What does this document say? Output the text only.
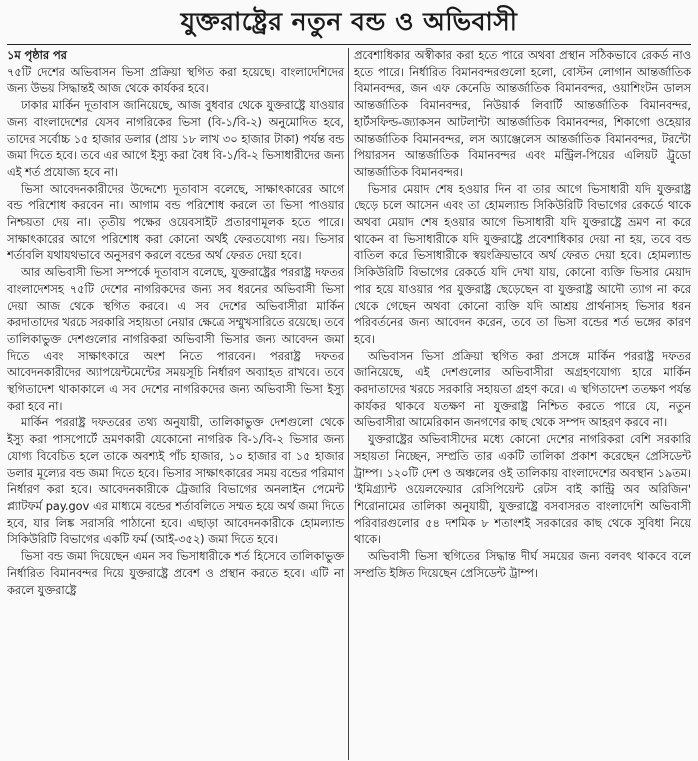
যুক্তরাষ্ট্রের নতুন বন্ড ও অভিবাসী
১ম পৃষ্ঠার পর

৭৫টি দেশের অভিবাসন ভিসা প্রক্রিয়া স্থগিত করা হয়েছে। বাংলাদেশিদের জন্য উভয় সিদ্ধান্তই আজ থেকে কার্যকর হবে।

ঢাকার মার্কিন দূতাবাস জানিয়েছে, আজ বুধবার থেকে যুক্তরাষ্ট্রে যাওয়ার জন্য বাংলাদেশের যেসব নাগরিকের ভিসা (বি-১/বি-২) অনুমোদিত হবে, তাদের সর্বোচ্চ ১৫ হাজার ডলার (প্রায় ১৮ লাখ ৩০ হাজার টাকা) পর্যন্ত বন্ড জমা দিতে হবে। তবে এর আগে ইস্যু করা বৈধ বি-১/বি-২ ভিসাধারীদের জন্য এই শর্ত প্রযোজ্য হবে না।

ভিসা আবেদনকারীদের উদ্দেশ্যে দূতাবাস বলেছে, সাক্ষাৎকারের আগে বন্ড পরিশোধ করবেন না। আগাম বন্ড পরিশোধ করলে তা ভিসা পাওয়ার নিশ্চয়তা দেয় না। তৃতীয় পক্ষের ওয়েবসাইট প্রতারণামূলক হতে পারে। সাক্ষাৎকারের আগে পরিশোধ করা কোনো অর্থই ফেরতযোগ্য নয়। ভিসার শর্তাবলি যথাযথভাবে অনুসরণ করলে বন্ডের অর্থ ফেরত দেয়া হবে।

আর অভিবাসী ভিসা সম্পর্কে দূতাবাস বলেছে, যুক্তরাষ্ট্রের পররাষ্ট্র দফতর বাংলাদেশসহ ৭৫টি দেশের নাগরিকদের জন্য সব ধরনের অভিবাসী ভিসা দেয়া আজ থেকে স্থগিত করবে। এ সব দেশের অভিবাসীরা মার্কিন করদাতাদের খরচে সরকারি সহায়তা নেয়ার ক্ষেত্রে সম্মুখসারিতে রয়েছে। তবে তালিকাভুক্ত দেশগুলোর নাগরিকরা অভিবাসী ভিসার জন্য আবেদন জমা দিতে এবং সাক্ষাৎকারে অংশ নিতে পারবেন। পররাষ্ট্র দফতর আবেদনকারীদের অ্যাপয়েন্টমেন্টের সময়সূচি নির্ধারণ অব্যাহত রাখবে। তবে স্থগিতাদেশ থাকাকালে এ সব দেশের নাগরিকদের জন্য অভিবাসী ভিসা ইস্যু করা হবে না।

মার্কিন পররাষ্ট্র দফতরের তথ্য অনুযায়ী, তালিকাভুক্ত দেশগুলো থেকে ইস্যু করা পাসপোর্টে ভ্রমণকারী যেকোনো নাগরিক বি-১/বি-২ ভিসার জন্য যোগ্য বিবেচিত হলে তাকে অবশ্যই পাঁচ হাজার, ১০ হাজার বা ১৫ হাজার ডলার মূল্যের বন্ড জমা দিতে হবে। ভিসার সাক্ষাৎকারের সময় বন্ডের পরিমাণ নির্ধারণ করা হবে। আবেদনকারীকে ট্রেজারি বিভাগের অনলাইন পেমেন্ট প্ল্যাটফর্ম pay.gov এর মাধ্যমে বন্ডের শর্তাবলিতে সম্মত হয়ে অর্থ জমা দিতে হবে, যার লিঙ্ক সরাসরি পাঠানো হবে। এছাড়া আবেদনকারীকে হোমল্যান্ড সিকিউরিটি বিভাগের একটি ফর্ম (আই-৩৫২) জমা দিতে হবে।

ভিসা বন্ড জমা দিয়েছেন এমন সব ভিসাধারীকে শর্ত হিসেবে তালিকাভুক্ত নির্ধারিত বিমানবন্দর দিয়ে যুক্তরাষ্ট্রে প্রবেশ ও প্রস্থান করতে হবে। এটি না করলে যুক্তরাষ্ট্রে

প্রবেশাধিকার অস্বীকার করা হতে পারে অথবা প্রস্থান সঠিকভাবে রেকর্ড নাও হতে পারে। নির্ধারিত বিমানবন্দরগুলো হলো, বোস্টন লোগান আন্তর্জাতিক বিমানবন্দর, জন এফ কেনেডি আন্তর্জাতিক বিমানবন্দর, ওয়াশিংটন ডালস আন্তর্জাতিক বিমানবন্দর, নিউয়ার্ক লিবার্টি আন্তর্জাতিক বিমানবন্দর, হার্টসফিল্ড-জ্যাকসন আটলান্টা আন্তর্জাতিক বিমানবন্দর, শিকাগো ওহেয়ার আন্তর্জাতিক বিমানবন্দর, লস অ্যাঞ্জেলেস আন্তর্জাতিক বিমানবন্দর, টরন্টো পিয়ারসন আন্তর্জাতিক বিমানবন্দর এবং মন্ট্রিল-পিয়ের এলিয়ট ট্রুডো আন্তর্জাতিক বিমানবন্দর।

ভিসার মেয়াদ শেষ হওয়ার দিন বা তার আগে ভিসাধারী যদি যুক্তরাষ্ট্র ছেড়ে চলে আসেন এবং তা হোমল্যান্ড সিকিউরিটি বিভাগের রেকর্ডে থাকে অথবা মেয়াদ শেষ হওয়ার আগে ভিসাধারী যদি যুক্তরাষ্ট্রে ভ্রমণ না করে থাকেন বা ভিসাধারীকে যদি যুক্তরাষ্ট্রে প্রবেশাধিকার দেয়া না হয়, তবে বন্ড বাতিল করে ভিসাধারীকে স্বয়ংক্রিয়ভাবে অর্থ ফেরত দেয়া হবে। হোমল্যান্ড সিকিউরিটি বিভাগের রেকর্ডে যদি দেখা যায়, কোনো ব্যক্তি ভিসার মেয়াদ পার হয়ে যাওয়ার পর যুক্তরাষ্ট্র ছেড়েছেন বা যুক্তরাষ্ট্র আদৌ ত্যাগ না করে থেকে গেছেন অথবা কোনো ব্যক্তি যদি আশ্রয় প্রার্থনাসহ ভিসার ধরন পরিবর্তনের জন্য আবেদন করেন, তবে তা ভিসা বন্ডের শর্ত ভঙ্গের কারণ হবে।

অভিবাসন ভিসা প্রক্রিয়া স্থগিত করা প্রসঙ্গে মার্কিন পররাষ্ট্র দফতর জানিয়েছে, এই দেশগুলোর অভিবাসীরা অগ্রহণযোগ্য হারে মার্কিন করদাতাদের খরচে সরকারি সহায়তা গ্রহণ করে। এ স্থগিতাদেশ ততক্ষণ পর্যন্ত কার্যকর থাকবে যতক্ষণ না যুক্তরাষ্ট্র নিশ্চিত করতে পারে যে, নতুন অভিবাসীরা আমেরিকান জনগণের কাছ থেকে সম্পদ আহরণ করবে না।

যুক্তরাষ্ট্রের অভিবাসীদের মধ্যে কোনো দেশের নাগরিকরা বেশি সরকারি সহায়তা নিচ্ছেন, সম্প্রতি তার একটি তালিকা প্রকাশ করেছেন প্রেসিডেন্ট ট্রাম্প। ১২০টি দেশ ও অঞ্চলের ওই তালিকায় বাংলাদেশের অবস্থান ১৯তম। 'ইমিগ্র্যান্ট ওয়েলফেয়ার রেসিপিয়েন্ট রেটস বাই কান্ট্রি অব অরিজিন' শিরোনামের তালিকা অনুযায়ী, যুক্তরাষ্ট্রে বসবাসরত বাংলাদেশি অভিবাসী পরিবারগুলোর ৫৪ দশমিক ৮ শতাংশই সরকারের কাছ থেকে সুবিধা নিয়ে থাকে।

অভিবাসী ভিসা স্থগিতের সিদ্ধান্ত দীর্ঘ সময়ের জন্য বলবৎ থাকবে বলে সম্প্রতি ইঙ্গিত দিয়েছেন প্রেসিডেন্ট ট্রাম্প।
